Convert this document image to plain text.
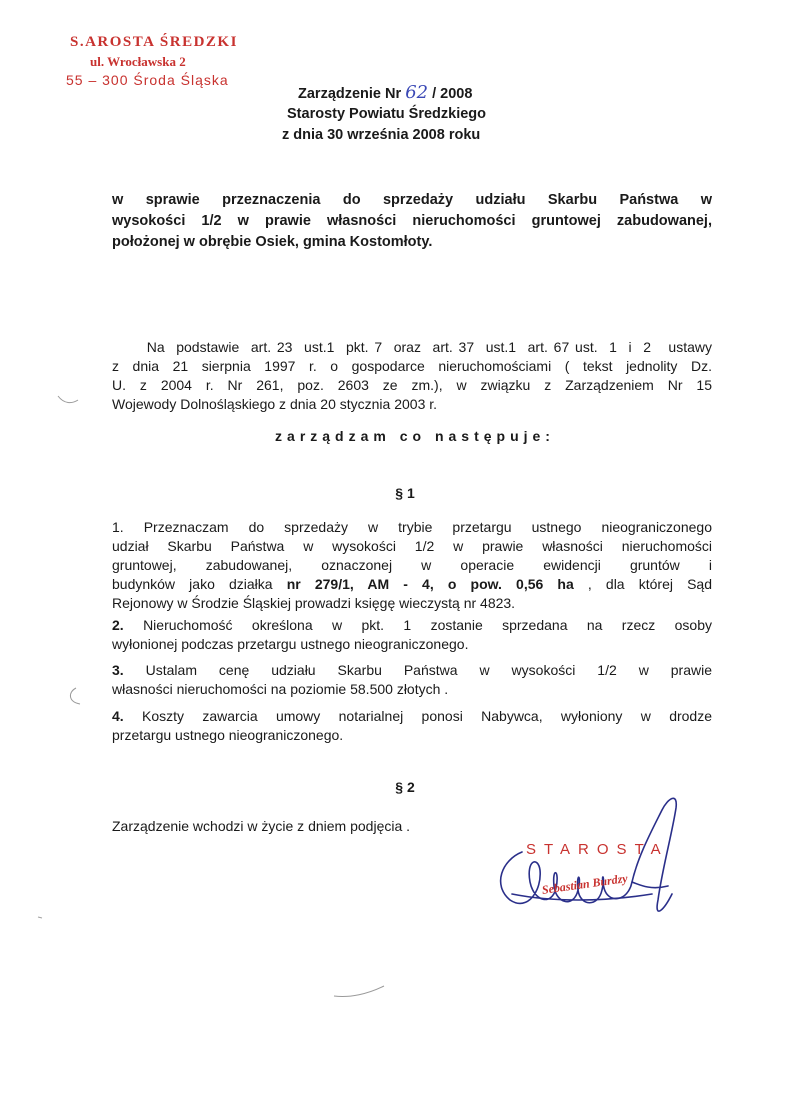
S.AROSTA ŚREDZKI
ul. Wrocławska 2
55 – 300 Środa Śląska
Zarządzenie Nr 62 / 2008
Starosty Powiatu Średzkiego
z dnia 30 września 2008 roku
w sprawie przeznaczenia do sprzedaży udziału Skarbu Państwa w
wysokości 1/2 w prawie własności nieruchomości gruntowej zabudowanej,
położonej w obrębie Osiek, gmina Kostomłoty.
Na  podstawie  art. 23  ust.1  pkt. 7  oraz  art. 37  ust.1  art. 67 ust.  1  i  2   ustawy
z dnia 21 sierpnia 1997 r. o gospodarce nieruchomościami ( tekst jednolity Dz.
U. z 2004 r. Nr 261, poz. 2603 ze zm.), w związku z Zarządzeniem Nr 15
Wojewody Dolnośląskiego z dnia 20 stycznia 2003 r.
zarządzam co następuje:
§ 1
1. Przeznaczam do sprzedaży w trybie przetargu ustnego nieograniczonego
udział Skarbu Państwa w wysokości 1/2 w prawie własności nieruchomości
gruntowej, zabudowanej, oznaczonej w operacie ewidencji gruntów i
budynków jako działka nr 279/1, AM - 4, o pow. 0,56 ha , dla której Sąd
Rejonowy w Środzie Śląskiej prowadzi księgę wieczystą nr 4823.
2. Nieruchomość określona w pkt. 1 zostanie sprzedana na rzecz osoby
wyłonionej podczas przetargu ustnego nieograniczonego.
3. Ustalam cenę udziału Skarbu Państwa w wysokości 1/2 w prawie
własności nieruchomości na poziomie 58.500 złotych .
4. Koszty zawarcia umowy notarialnej ponosi Nabywca, wyłoniony w drodze
przetargu ustnego nieograniczonego.
§ 2
Zarządzenie wchodzi w życie z dniem podjęcia .
STAROSTA
Sebastian Burdzy
